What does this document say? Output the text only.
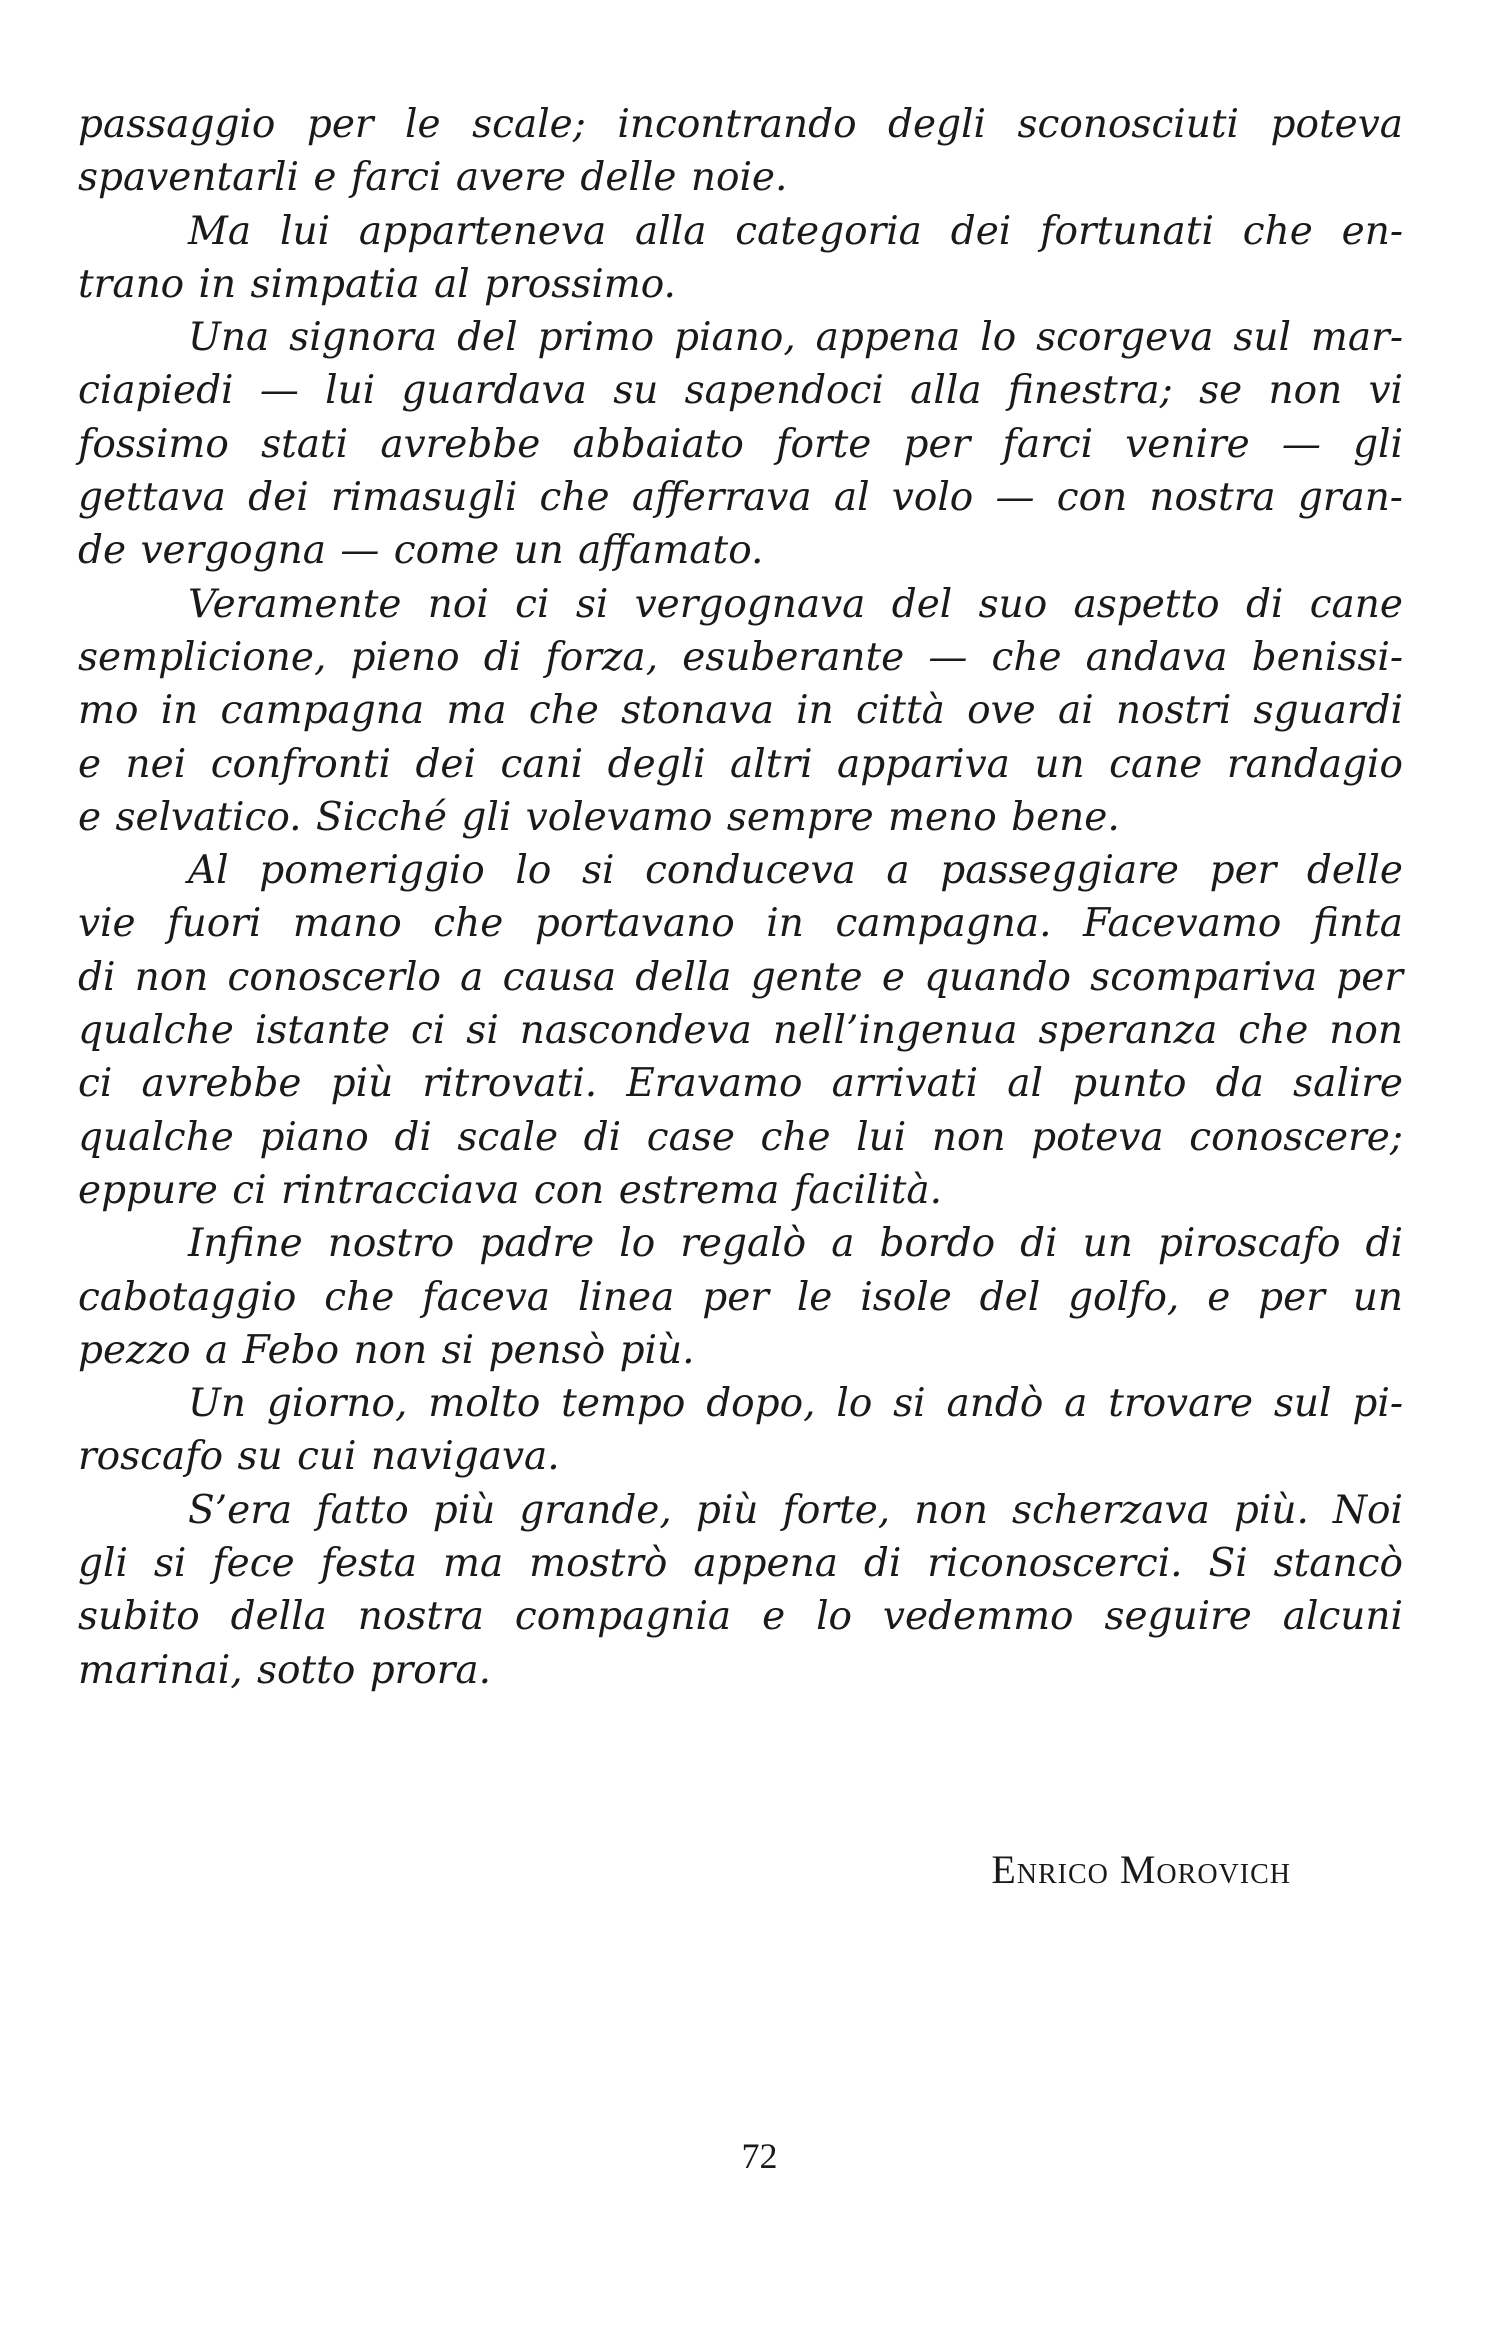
passaggio per le scale; incontrando degli sconosciuti poteva
spaventarli e farci avere delle noie.
Ma lui apparteneva alla categoria dei fortunati che en-
trano in simpatia al prossimo.
Una signora del primo piano, appena lo scorgeva sul mar-
ciapiedi — lui guardava su sapendoci alla finestra; se non vi
fossimo stati avrebbe abbaiato forte per farci venire — gli
gettava dei rimasugli che afferrava al volo — con nostra gran-
de vergogna — come un affamato.
Veramente noi ci si vergognava del suo aspetto di cane
semplicione, pieno di forza, esuberante — che andava benissi-
mo in campagna ma che stonava in città ove ai nostri sguardi
e nei confronti dei cani degli altri appariva un cane randagio
e selvatico. Sicché gli volevamo sempre meno bene.
Al pomeriggio lo si conduceva a passeggiare per delle
vie fuori mano che portavano in campagna. Facevamo finta
di non conoscerlo a causa della gente e quando scompariva per
qualche istante ci si nascondeva nell’ingenua speranza che non
ci avrebbe più ritrovati. Eravamo arrivati al punto da salire
qualche piano di scale di case che lui non poteva conoscere;
eppure ci rintracciava con estrema facilità.
Infine nostro padre lo regalò a bordo di un piroscafo di
cabotaggio che faceva linea per le isole del golfo, e per un
pezzo a Febo non si pensò più.
Un giorno, molto tempo dopo, lo si andò a trovare sul pi-
roscafo su cui navigava.
S’era fatto più grande, più forte, non scherzava più. Noi
gli si fece festa ma mostrò appena di riconoscerci. Si stancò
subito della nostra compagnia e lo vedemmo seguire alcuni
marinai, sotto prora.
Enrico Morovich
72
